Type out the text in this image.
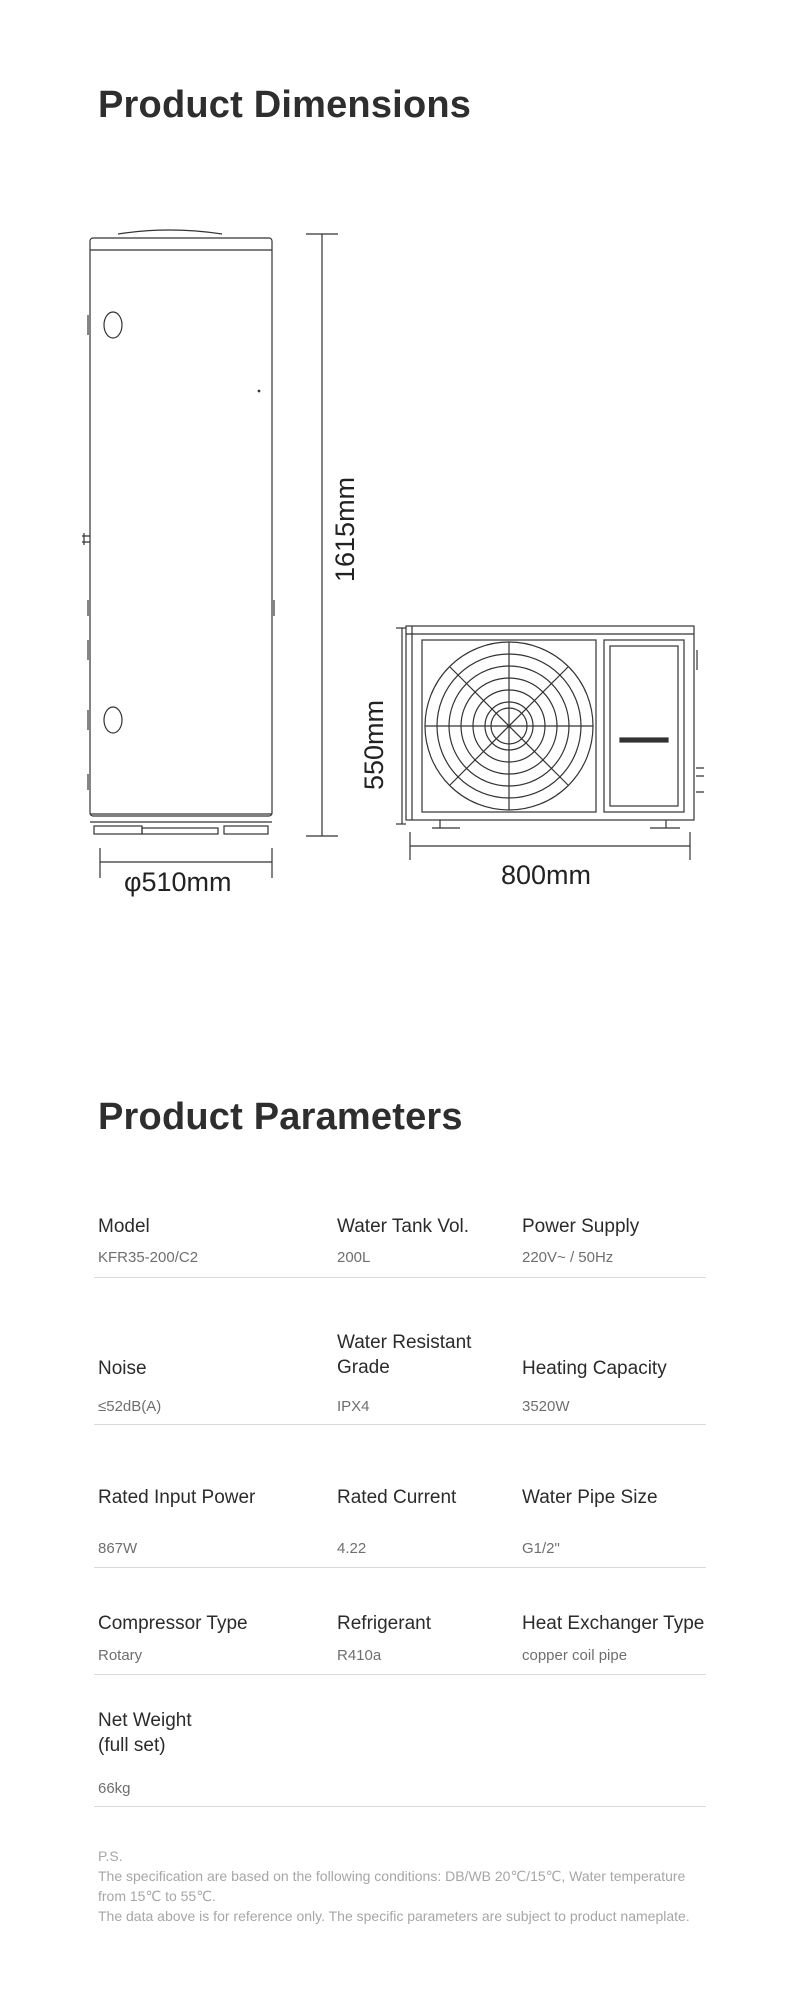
Product Dimensions
1615mm
φ510mm
550mm
800mm
Product Parameters
Model
KFR35-200/C2
Water Tank Vol.
200L
Power Supply
220V~ / 50Hz
Noise
≤52dB(A)
Water Resistant Grade
IPX4
Heating Capacity
3520W
Rated Input Power
867W
Rated Current
4.22
Water Pipe Size
G1/2"
Compressor Type
Rotary
Refrigerant
R410a
Heat Exchanger Type
copper coil pipe
Net Weight (full set)
66kg
P.S.
The specification are based on the following conditions: DB/WB 20℃/15℃, Water temperature from 15℃ to 55℃.
The data above is for reference only. The specific parameters are subject to product nameplate.
